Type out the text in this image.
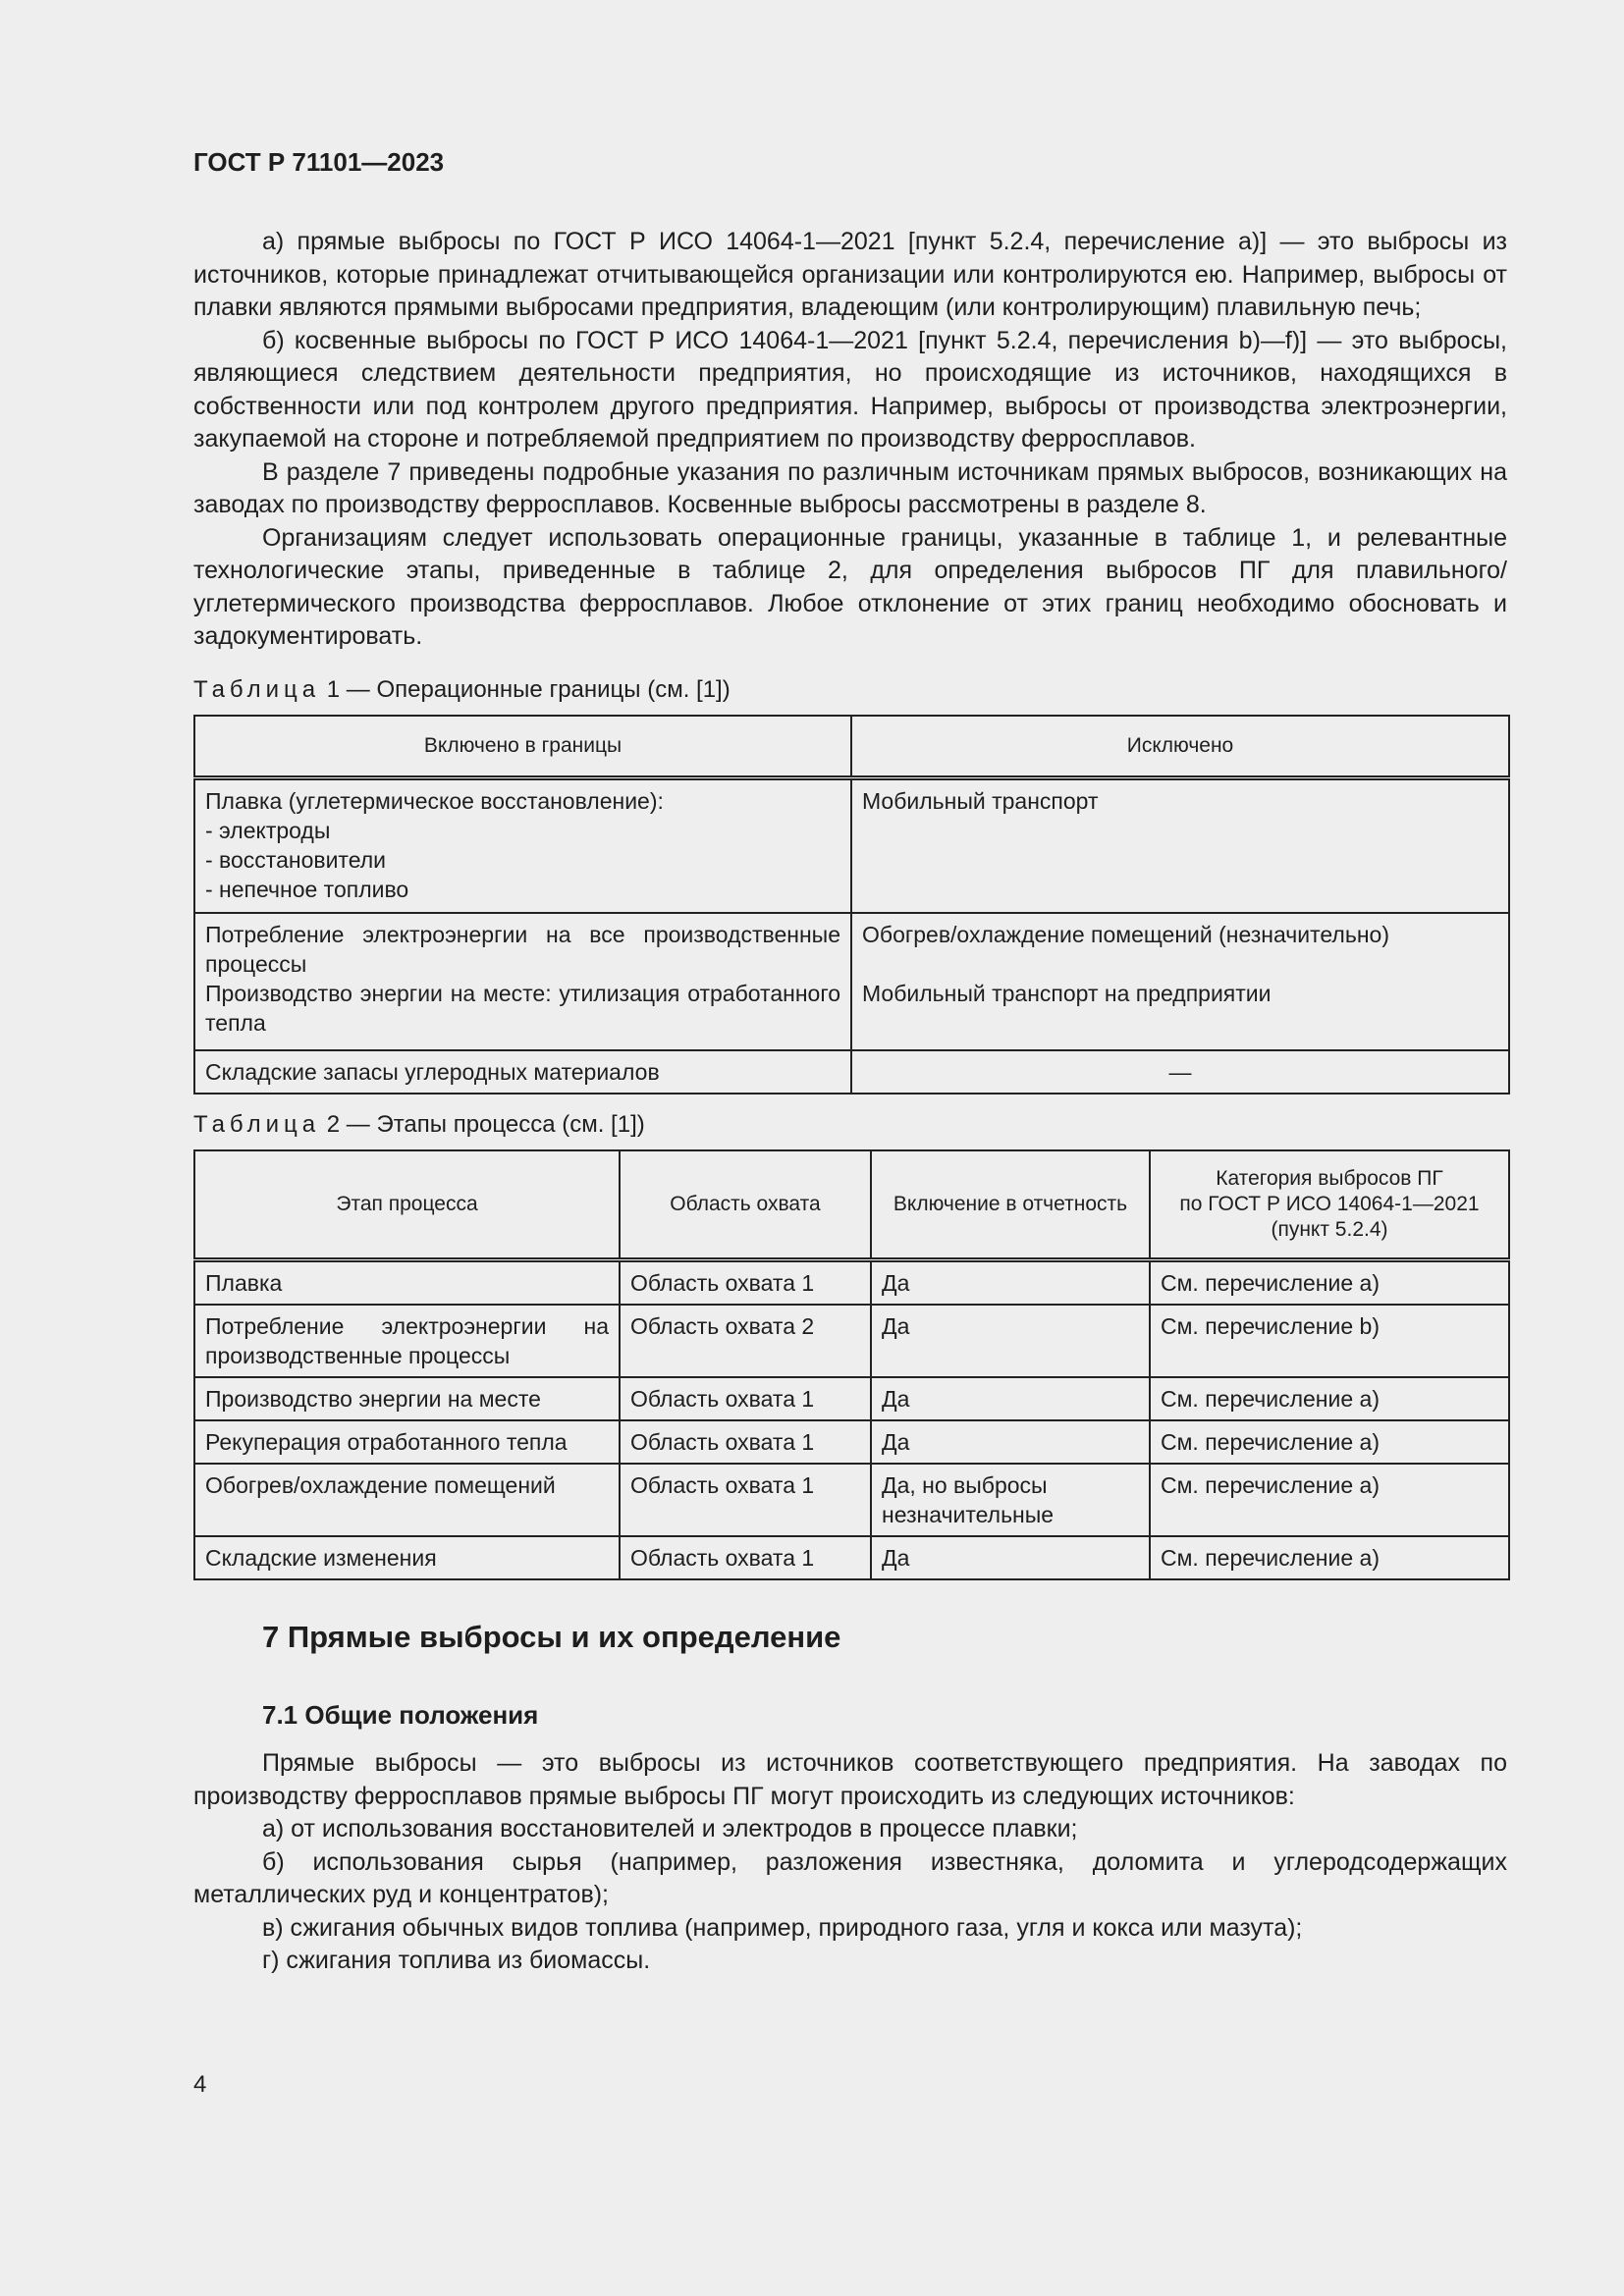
ГОСТ Р 71101—2023

а) прямые выбросы по ГОСТ Р ИСО 14064-1—2021 [пункт 5.2.4, перечисление а)] — это выбросы из источников, которые принадлежат отчитывающейся организации или контролируются ею. Например, выбросы от плавки являются прямыми выбросами предприятия, владеющим (или контролирующим) плавильную печь;

б) косвенные выбросы по ГОСТ Р ИСО 14064-1—2021 [пункт 5.2.4, перечисления b)—f)] — это выбросы, являющиеся следствием деятельности предприятия, но происходящие из источников, находящихся в собственности или под контролем другого предприятия. Например, выбросы от производства электроэнергии, закупаемой на стороне и потребляемой предприятием по производству ферросплавов.

В разделе 7 приведены подробные указания по различным источникам прямых выбросов, возникающих на заводах по производству ферросплавов. Косвенные выбросы рассмотрены в разделе 8.

Организациям следует использовать операционные границы, указанные в таблице 1, и релевантные технологические этапы, приведенные в таблице 2, для определения выбросов ПГ для плавильного/углетермического производства ферросплавов. Любое отклонение от этих границ необходимо обосновать и задокументировать.

Таблица 1 — Операционные границы (см. [1])

Включено в границы	Исключено

Плавка (углетермическое восстановление):
- электроды
- восстановители
- непечное топливо	Мобильный транспорт

Потребление электроэнергии на все производственные процессы
Производство энергии на месте: утилизация отработанного тепла	Обогрев/охлаждение помещений (незначительно)
Мобильный транспорт на предприятии

Складские запасы углеродных материалов	—

Таблица 2 — Этапы процесса (см. [1])

Этап процесса	Область охвата	Включение в отчетность	Категория выбросов ПГ
по ГОСТ Р ИСО 14064-1—2021
(пункт 5.2.4)

Плавка	Область охвата 1	Да	См. перечисление а)
Потребление электроэнергии на производственные процессы	Область охвата 2	Да	См. перечисление b)
Производство энергии на месте	Область охвата 1	Да	См. перечисление а)
Рекуперация отработанного тепла	Область охвата 1	Да	См. перечисление а)
Обогрев/охлаждение помещений	Область охвата 1	Да, но выбросы незначительные	См. перечисление а)
Складские изменения	Область охвата 1	Да	См. перечисление а)
7 Прямые выбросы и их определение
7.1 Общие положения

Прямые выбросы — это выбросы из источников соответствующего предприятия. На заводах по производству ферросплавов прямые выбросы ПГ могут происходить из следующих источников:

а) от использования восстановителей и электродов в процессе плавки;

б) использования сырья (например, разложения известняка, доломита и углеродсодержащих металлических руд и концентратов);

в) сжигания обычных видов топлива (например, природного газа, угля и кокса или мазута);

г) сжигания топлива из биомассы.

4
